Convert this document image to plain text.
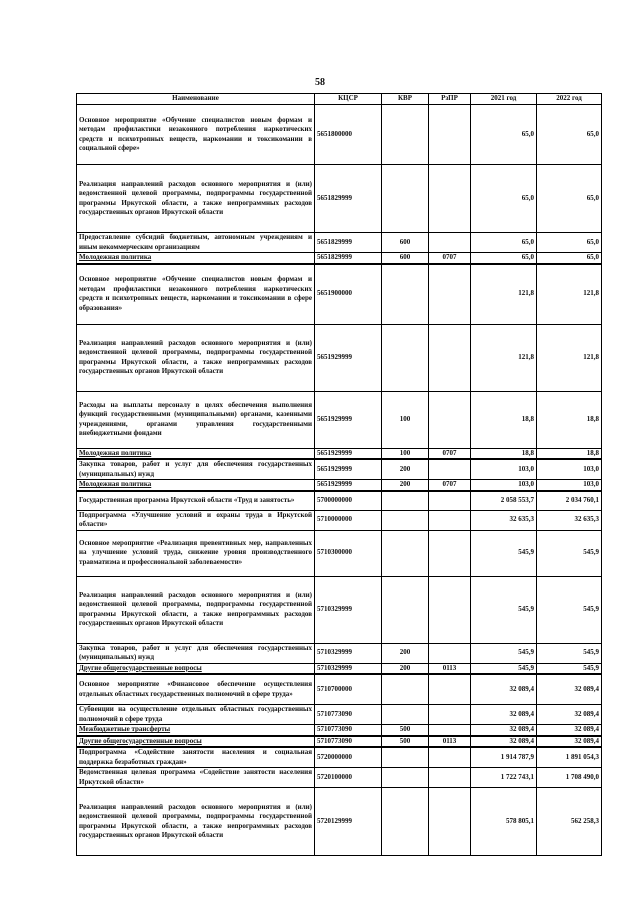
58
Наименование	КЦСР	КВР	РзПР	2021 год	2022 год
Основное мероприятие «Обучение специалистов новым формам и методам профилактики незаконного потребления наркотических средств и психотропных веществ, наркомании и токсикомании в социальной сфере»	5651800000			65,0	65,0
Реализация направлений расходов основного мероприятия и (или) ведомственной целевой программы, подпрограммы государственной программы Иркутской области, а также непрограммных расходов государственных органов Иркутской области	5651829999			65,0	65,0
Предоставление субсидий бюджетным, автономным учреждениям и иным некоммерческим организациям	5651829999	600		65,0	65,0
Молодежная политика	5651829999	600	0707	65,0	65,0
Основное мероприятие «Обучение специалистов новым формам и методам профилактики незаконного потребления наркотических средств и психотропных веществ, наркомании и токсикомании в сфере образования»	5651900000			121,8	121,8
Реализация направлений расходов основного мероприятия и (или) ведомственной целевой программы, подпрограммы государственной программы Иркутской области, а также непрограммных расходов государственных органов Иркутской области	5651929999			121,8	121,8
Расходы на выплаты персоналу в целях обеспечения выполнения функций государственными (муниципальными) органами, казенными учреждениями, органами управления государственными внебюджетными фондами	5651929999	100		18,8	18,8
Молодежная политика	5651929999	100	0707	18,8	18,8
Закупка товаров, работ и услуг для обеспечения государственных (муниципальных) нужд	5651929999	200		103,0	103,0
Молодежная политика	5651929999	200	0707	103,0	103,0
Государственная программа Иркутской области «Труд и занятость»	5700000000			2 058 553,7	2 034 760,1
Подпрограмма «Улучшение условий и охраны труда в Иркутской области»	5710000000			32 635,3	32 635,3
Основное мероприятие «Реализация превентивных мер, направленных на улучшение условий труда, снижение уровня производственного травматизма и профессиональной заболеваемости»	5710300000			545,9	545,9
Реализация направлений расходов основного мероприятия и (или) ведомственной целевой программы, подпрограммы государственной программы Иркутской области, а также непрограммных расходов государственных органов Иркутской области	5710329999			545,9	545,9
Закупка товаров, работ и услуг для обеспечения государственных (муниципальных) нужд	5710329999	200		545,9	545,9
Другие общегосударственные вопросы	5710329999	200	0113	545,9	545,9
Основное мероприятие «Финансовое обеспечение осуществления отдельных областных государственных полномочий в сфере труда»	5710700000			32 089,4	32 089,4
Субвенции на осуществление отдельных областных государственных полномочий в сфере труда	5710773090			32 089,4	32 089,4
Межбюджетные трансферты	5710773090	500		32 089,4	32 089,4
Другие общегосударственные вопросы	5710773090	500	0113	32 089,4	32 089,4
Подпрограмма «Содействие занятости населения и социальная поддержка безработных граждан»	5720000000			1 914 787,9	1 891 054,3
Ведомственная целевая программа «Содействие занятости населения Иркутской области»	5720100000			1 722 743,1	1 708 490,0
Реализация направлений расходов основного мероприятия и (или) ведомственной целевой программы, подпрограммы государственной программы Иркутской области, а также непрограммных расходов государственных органов Иркутской области	5720129999			578 805,1	562 258,3
